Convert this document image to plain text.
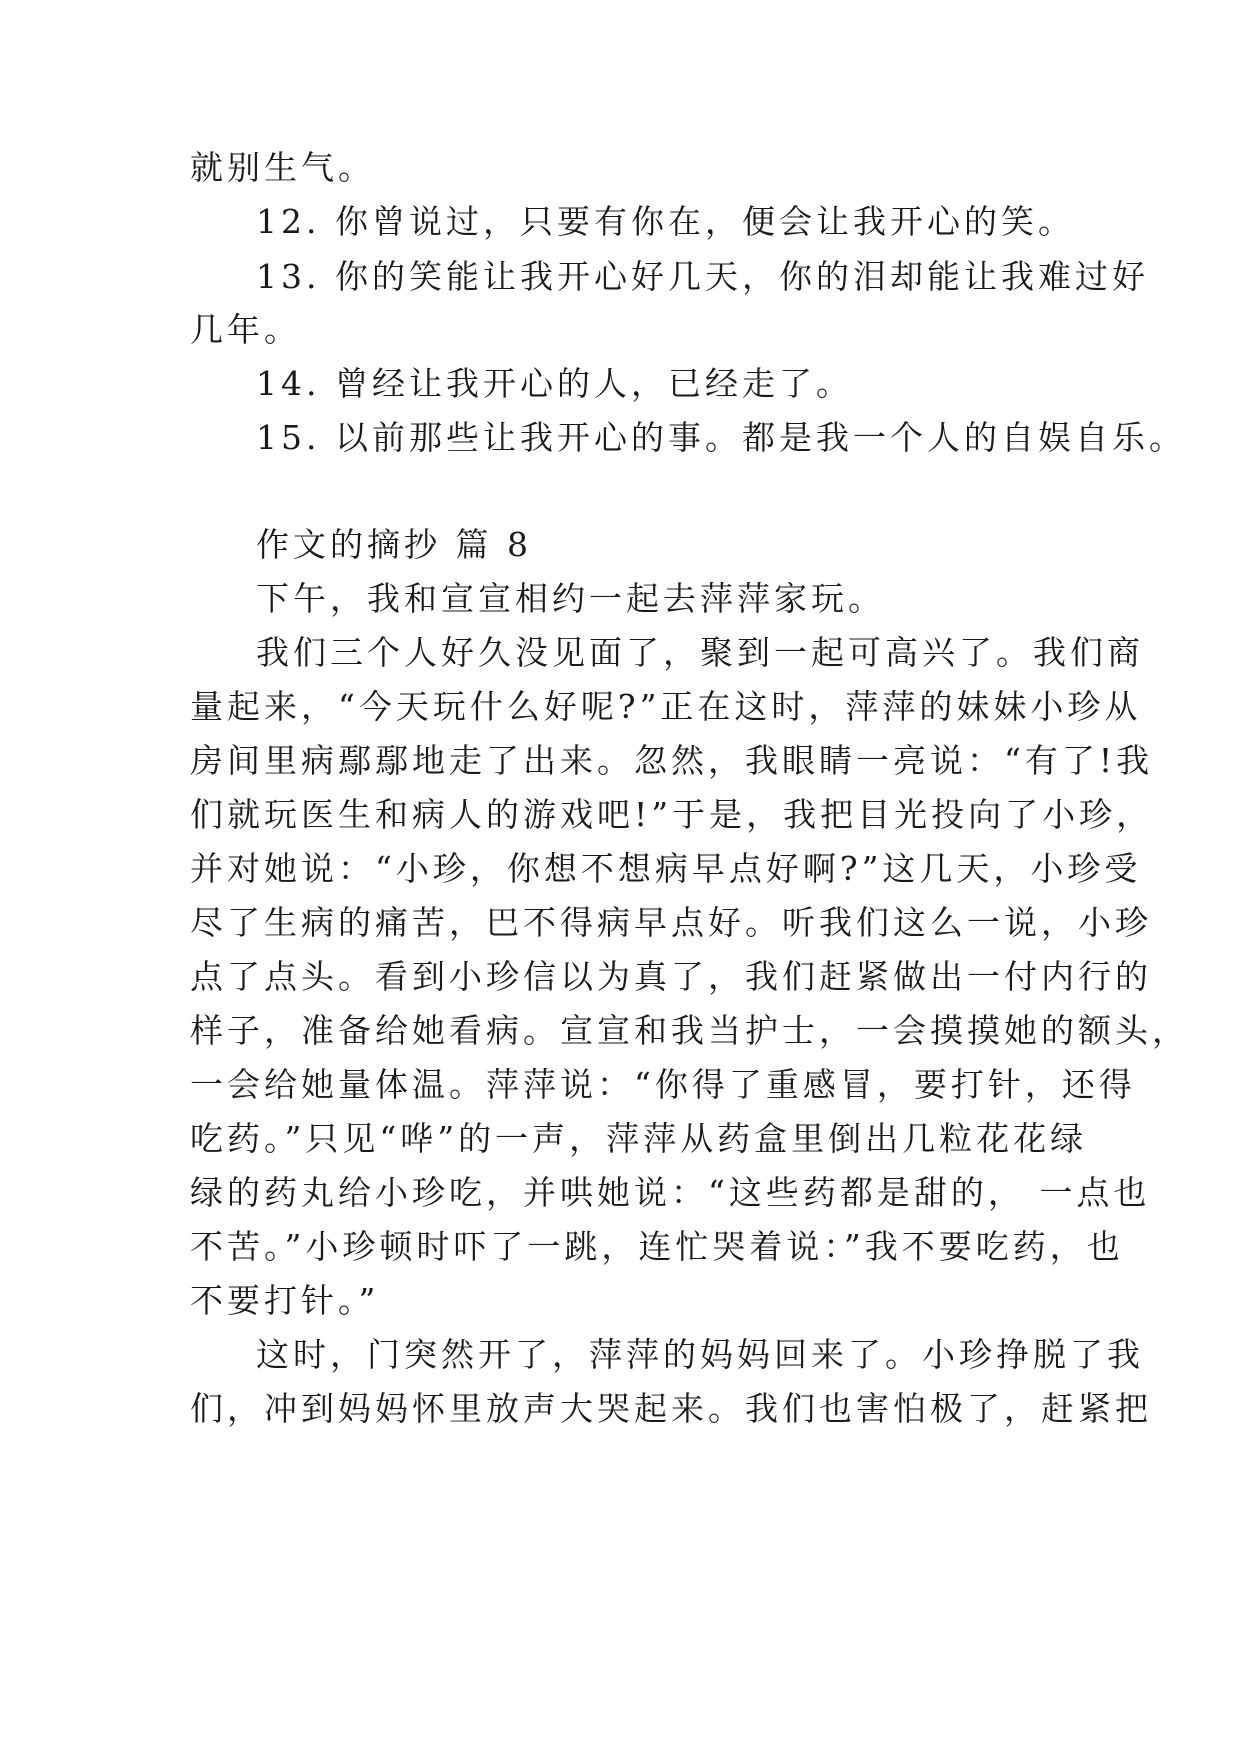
就别生气。
12. 你曾说过，只要有你在，便会让我开心的笑。
13. 你的笑能让我开心好几天，你的泪却能让我难过好
几年。
14. 曾经让我开心的人，已经走了。
15. 以前那些让我开心的事。都是我一个人的自娱自乐。
作文的摘抄 篇 8
下午，我和宣宣相约一起去萍萍家玩。
我们三个人好久没见面了，聚到一起可高兴了。我们商
量起来，“今天玩什么好呢?”正在这时，萍萍的妹妹小珍从
房间里病鄢鄢地走了出来。忽然，我眼睛一亮说：“有了!我
们就玩医生和病人的游戏吧!”于是，我把目光投向了小珍，
并对她说：“小珍，你想不想病早点好啊?”这几天，小珍受
尽了生病的痛苦，巴不得病早点好。听我们这么一说，小珍
点了点头。看到小珍信以为真了，我们赶紧做出一付内行的
样子，准备给她看病。宣宣和我当护士，一会摸摸她的额头，
一会给她量体温。萍萍说：“你得了重感冒，要打针，还得
吃药。”只见“哗”的一声，萍萍从药盒里倒出几粒花花绿
绿的药丸给小珍吃，并哄她说：“这些药都是甜的， 一点也
不苦。”小珍顿时吓了一跳，连忙哭着说：”我不要吃药，也
不要打针。”
这时，门突然开了，萍萍的妈妈回来了。小珍挣脱了我
们，冲到妈妈怀里放声大哭起来。我们也害怕极了，赶紧把
